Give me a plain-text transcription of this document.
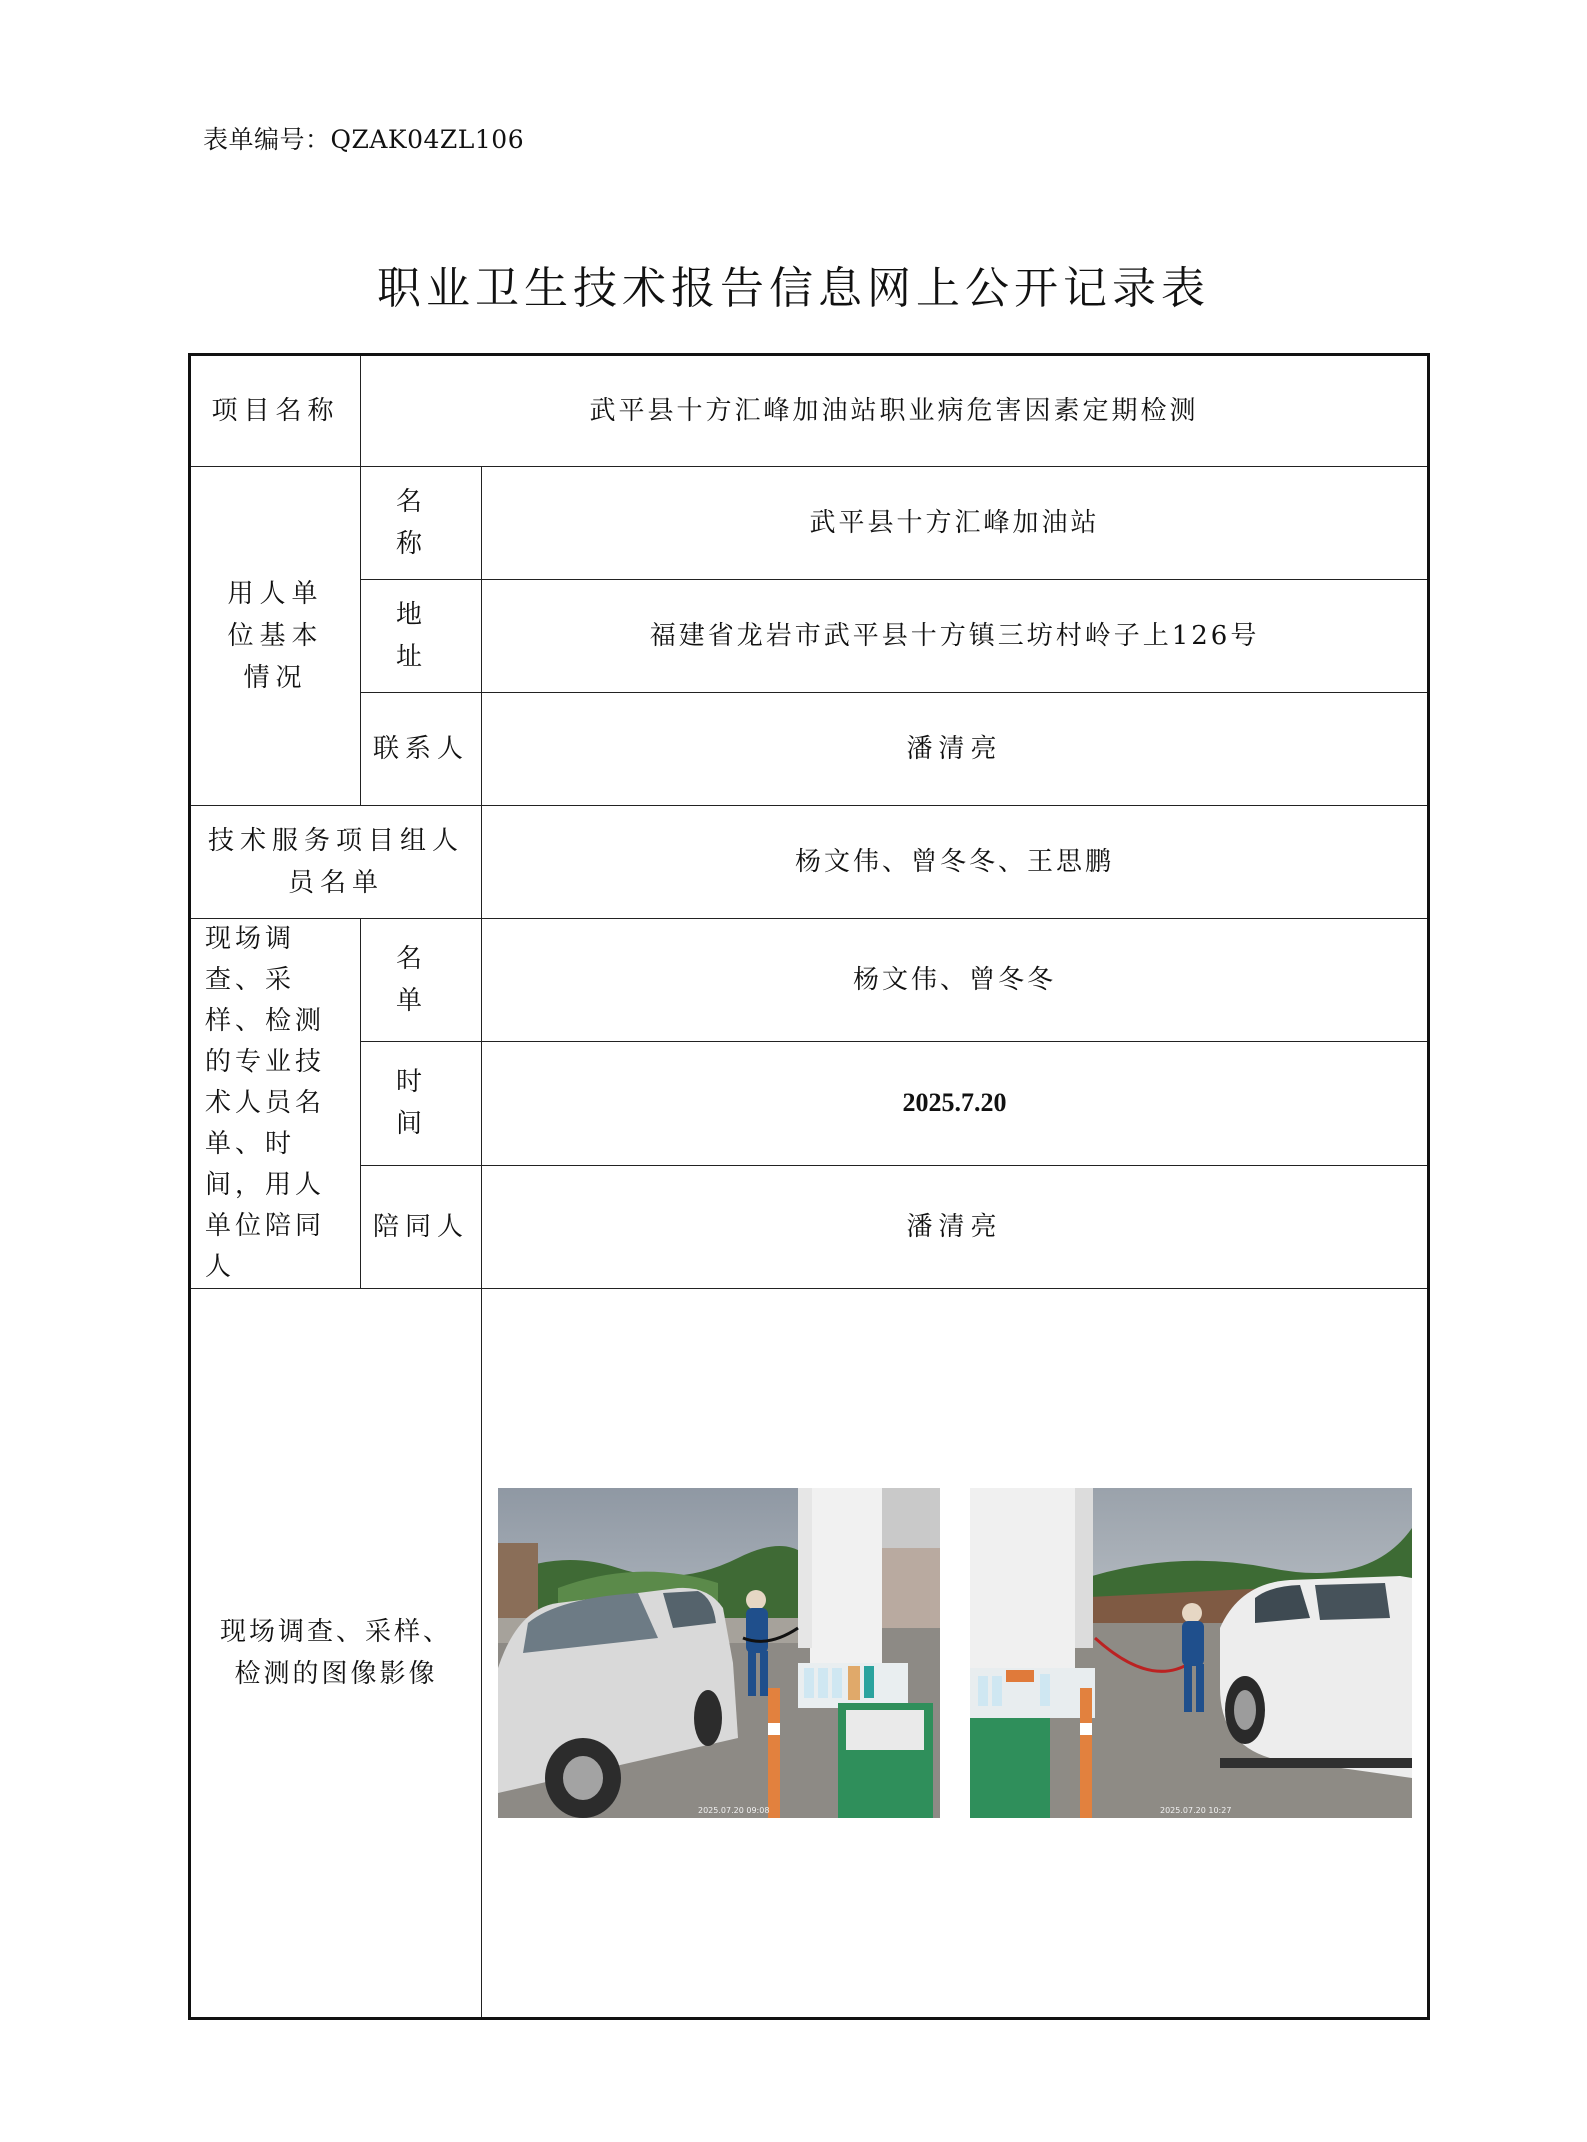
表单编号：QZAK04ZL106
职业卫生技术报告信息网上公开记录表
项目名称	武平县十方汇峰加油站职业病危害因素定期检测	
用人单位基本情况	名 称	武平县十方汇峰加油站
	地 址	福建省龙岩市武平县十方镇三坊村岭子上126号
	联系人	潘清亮
技术服务项目组人员名单		杨文伟、曾冬冬、王思鹏
现场调查、采样、检测的专业技术人员名单、时间，用人单位陪同人	名 单	杨文伟、曾冬冬
	时 间	2025.7.20
	陪同人	潘清亮
现场调查、采样、检测的图像影像		2025.07.20 09:08 2025.07.20 10:27
